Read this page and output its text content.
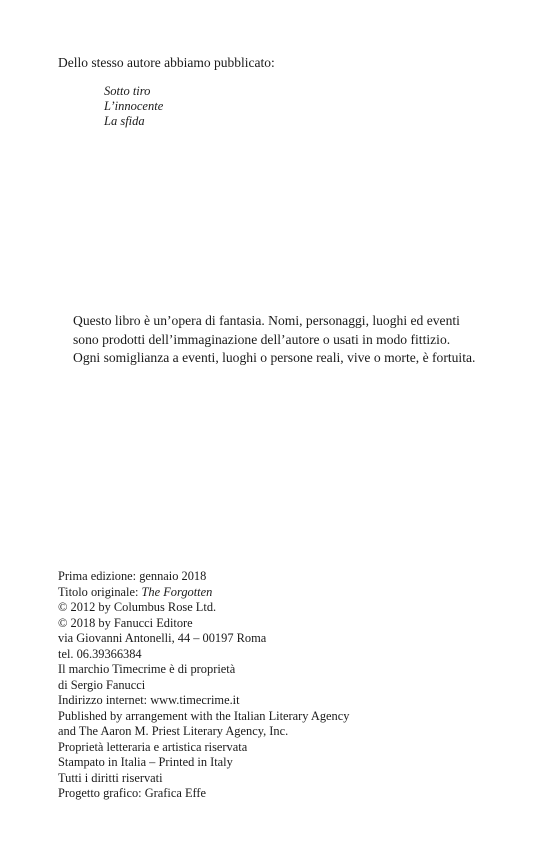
Dello stesso autore abbiamo pubblicato:
Sotto tiro
L’innocente
La sfida
Questo libro è un’opera di fantasia. Nomi, personaggi, luoghi ed eventi
sono prodotti dell’immaginazione dell’autore o usati in modo fittizio.
Ogni somiglianza a eventi, luoghi o persone reali, vive o morte, è fortuita.
Prima edizione: gennaio 2018
Titolo originale: The Forgotten
© 2012 by Columbus Rose Ltd.
© 2018 by Fanucci Editore
via Giovanni Antonelli, 44 – 00197 Roma
tel. 06.39366384
Il marchio Timecrime è di proprietà
di Sergio Fanucci
Indirizzo internet: www.timecrime.it
Published by arrangement with the Italian Literary Agency
and The Aaron M. Priest Literary Agency, Inc.
Proprietà letteraria e artistica riservata
Stampato in Italia – Printed in Italy
Tutti i diritti riservati
Progetto grafico: Grafica Effe
